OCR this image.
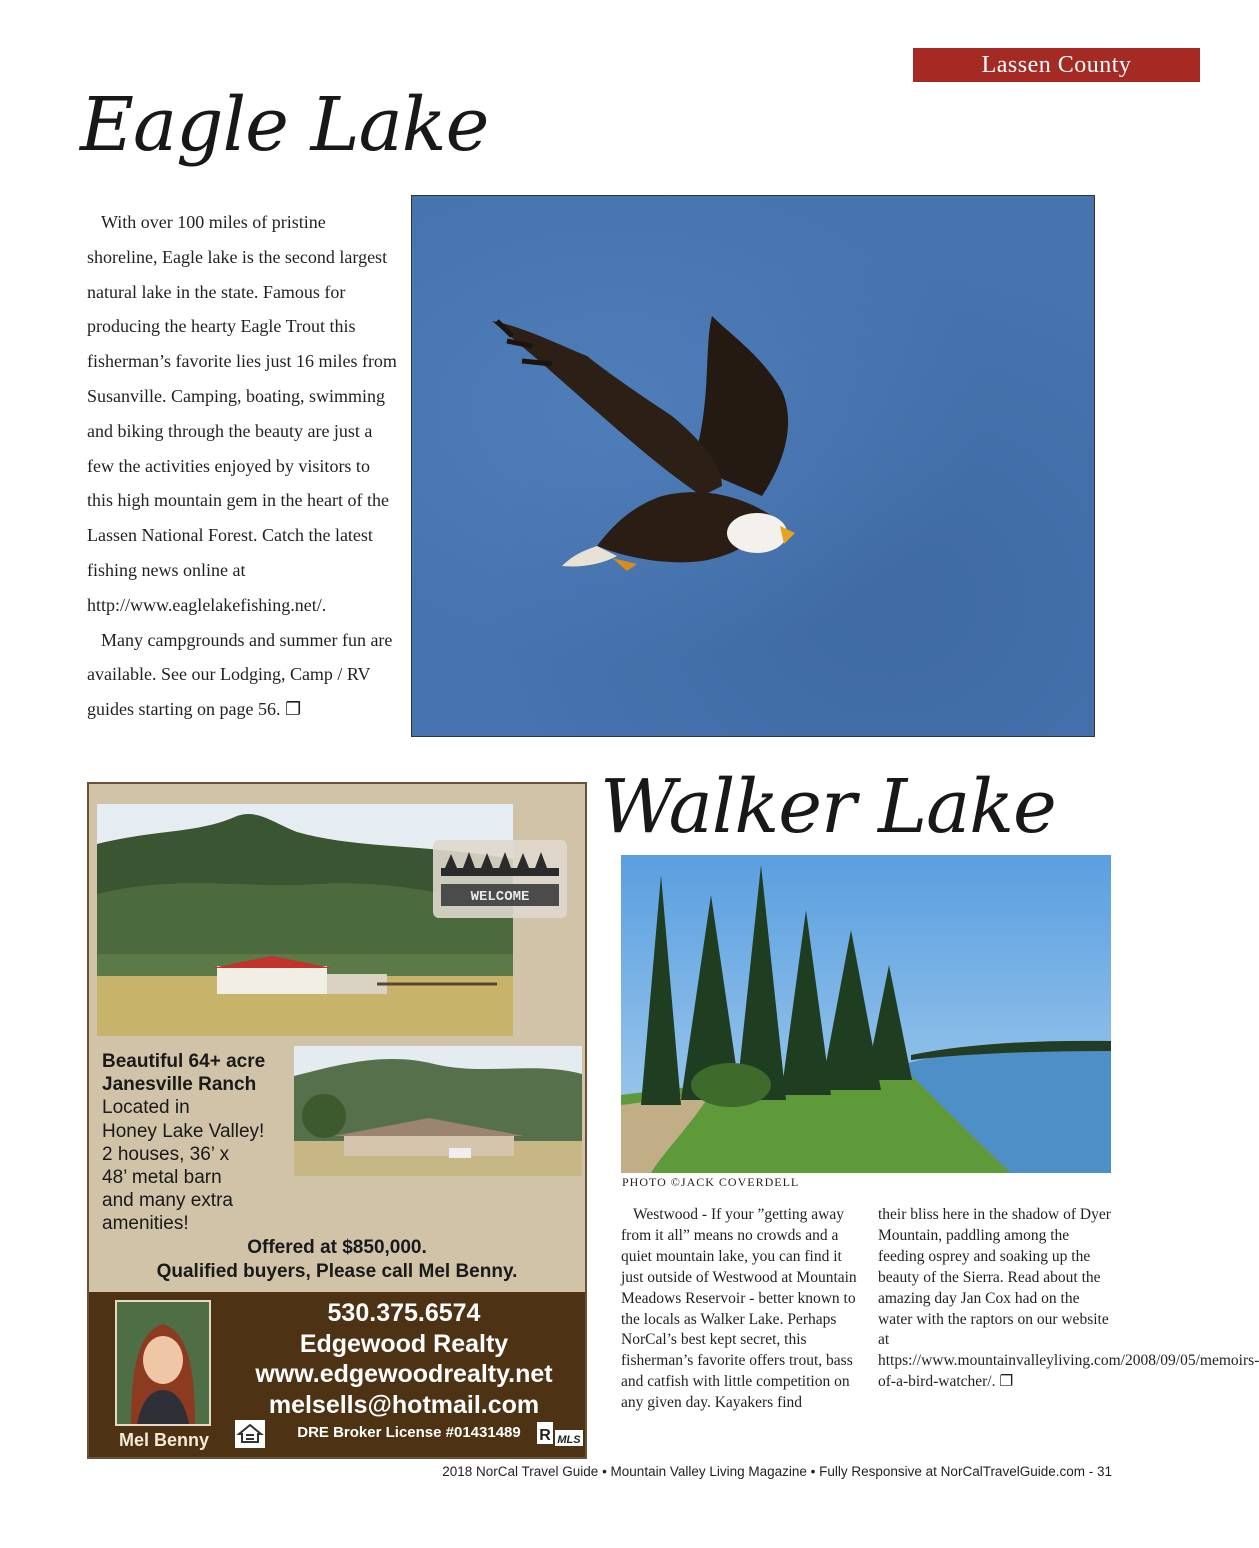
Lassen County
Eagle Lake

With over 100 miles of pristine shoreline, Eagle lake is the second largest natural lake in the state. Famous for producing the hearty Eagle Trout this fisherman’s favorite lies just 16 miles from Susanville. Camping, boating, swimming and biking through the beauty are just a few the activities enjoyed by visitors to this high mountain gem in the heart of the Lassen National Forest. Catch the latest fishing news online at http://www.eaglelakefishing.net/.

Many campgrounds and summer fun are available. See our Lodging, Camp / RV guides starting on page 56. ❐

WELCOME
Beautiful 64+ acre
Janesville Ranch
Located in
Honey Lake Valley!
2 houses, 36’ x
48’ metal barn
and many extra
amenities!
Offered at $850,000.
Qualified buyers, Please call Mel Benny.
Mel Benny
530.375.6574
Edgewood Realty
www.edgewoodrealty.net
melsells@hotmail.com
DRE Broker License #01431489	R MLS
Walker Lake
PHOTO ©JACK COVERDELL

Westwood - If your ”getting away from it all” means no crowds and a quiet mountain lake, you can find it just outside of Westwood at Mountain Meadows Reservoir - better known to the locals as Walker Lake. Perhaps NorCal’s best kept secret, this fisherman’s favorite offers trout, bass and catfish with little competition on any given day. Kayakers find

their bliss here in the shadow of Dyer Mountain, paddling among the feeding osprey and soaking up the beauty of the Sierra. Read about the amazing day Jan Cox had on the water with the raptors on our website at https://www.mountainvalleyliving.com/2008/09/05/memoirs-of-a-bird-watcher/. ❐

2018 NorCal Travel Guide • Mountain Valley Living Magazine • Fully Responsive at NorCalTravelGuide.com - 31
